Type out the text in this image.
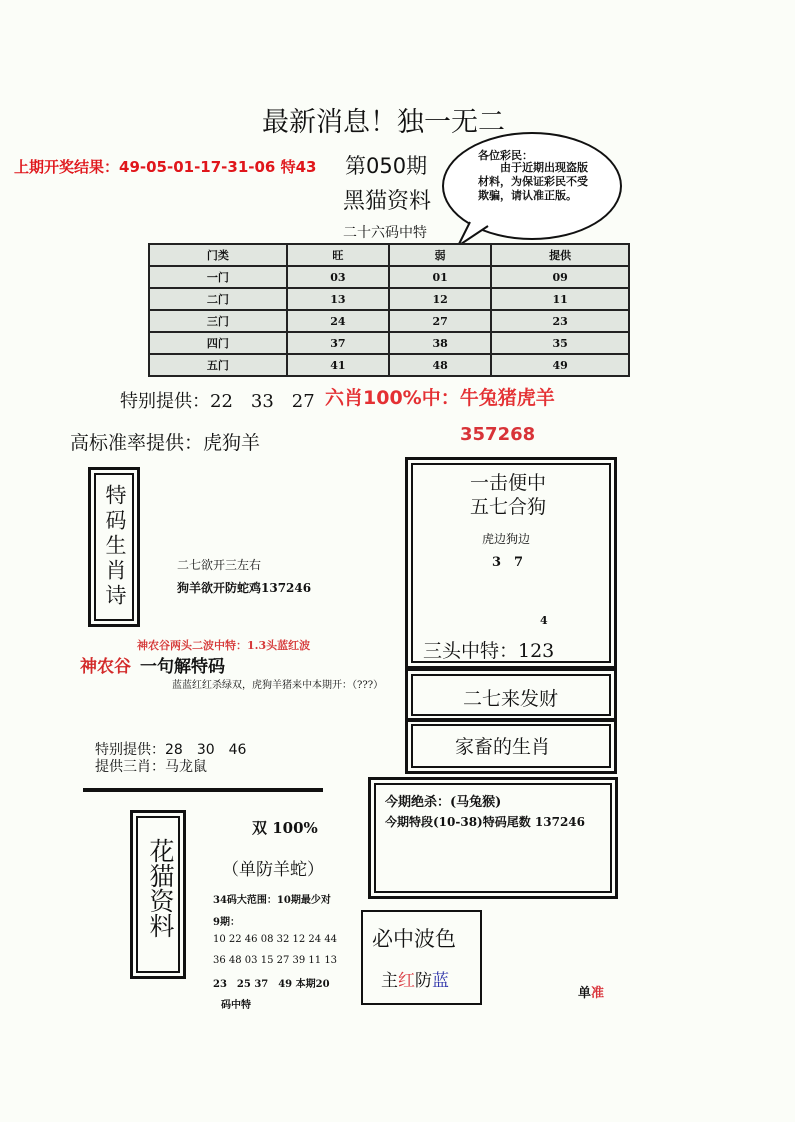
最新消息！独一无二
上期开奖结果：49-05-01-17-31-06 特43 第050期
黑猫资料
各位彩民：
由于近期出现盗版材料，为保证彩民不受欺骗，请认准正版。
二十六码中特
门类	旺	弱	提供
一门	03	01	09
二门	13	12	11
三门	24	27	23
四门	37	38	35
五门	41	48	49
特别提供：22　33　27 六肖100%中：牛兔猪虎羊
357268
高标准率提供：虎狗羊
特码生肖诗	二七欲开三左右
狗羊欲开防蛇鸡137246
一击便中
五七合狗
虎边狗边
3　7
4
三头中特：123
二七来发财
家畜的生肖
神农谷两头二波中特：1.3头蓝红波
神农谷 一句解特码
蓝蓝红红杀绿双，虎狗羊猪来中本期开：（???）
特别提供：28　30　46
提供三肖：马龙鼠
今期绝杀：(马兔猴)
今期特段(10-38)特码尾数 137246
花猫资料
双 100%
（单防羊蛇）
34码大范围：10期最少对
9期：
10 22 46 08 32 12 24 44
36 48 03 15 27 39 11 13
23　25 37　49 本期20
码中特
必中波色
主红防蓝
单准
